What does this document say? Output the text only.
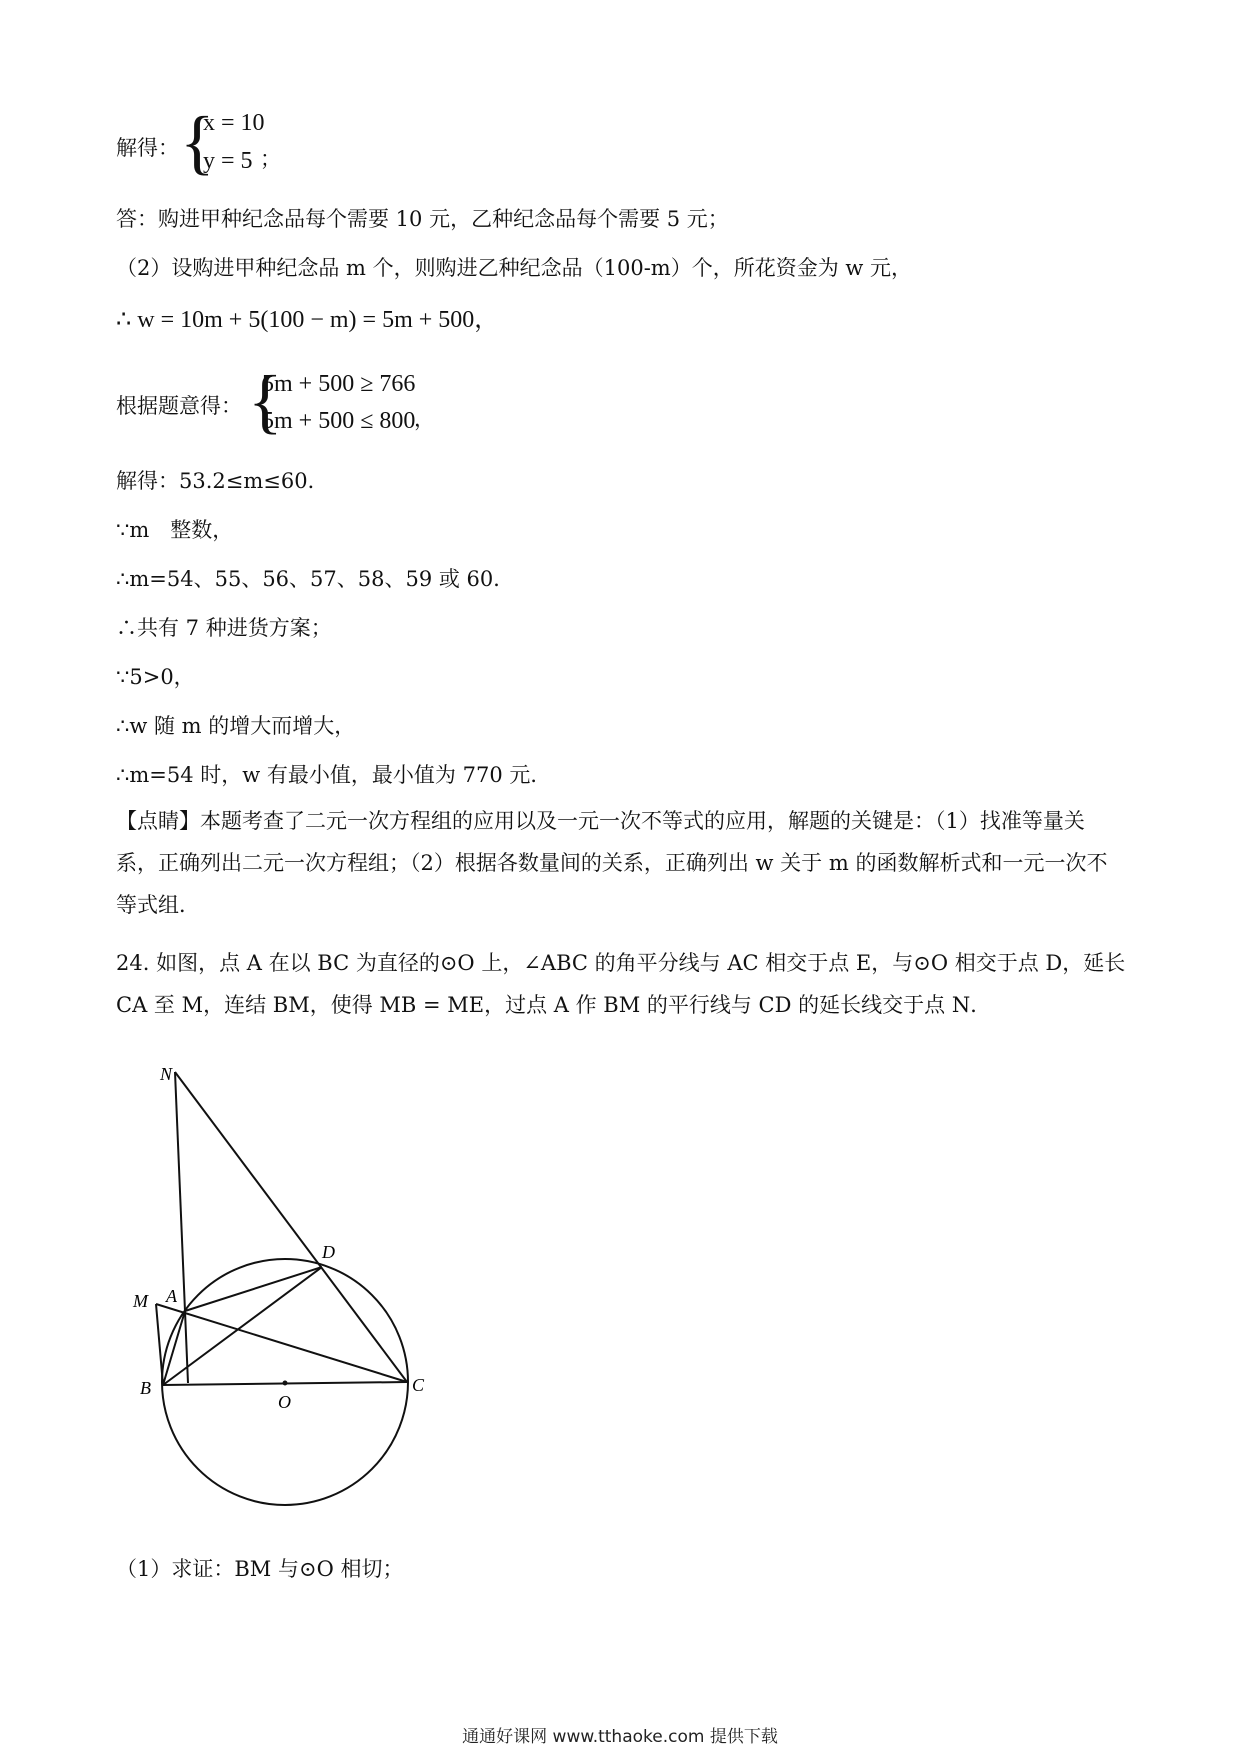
解得： {
x = 10
y = 5 ；
答：购进甲种纪念品每个需要 10 元，乙种纪念品每个需要 5 元；
（2）设购进甲种纪念品 m 个，则购进乙种纪念品（100-m）个，所花资金为 w 元，
∴ w = 10m + 5(100 − m) = 5m + 500，
根据题意得： {
5m + 500 ≥ 766
5m + 500 ≤ 800
，
解得：53.2≤m≤60．
∵m　整数，
∴m=54、55、56、57、58、59 或 60．
∴共有 7 种进货方案；
∵5>0，
∴w 随 m 的增大而增大，
∴m=54 时，w 有最小值，最小值为 770 元．
【点睛】本题考查了二元一次方程组的应用以及一元一次不等式的应用，解题的关键是：（1）找准等量关系，正确列出二元一次方程组；（2）根据各数量间的关系，正确列出 w 关于 m 的函数解析式和一元一次不等式组．
24. 如图，点 A 在以 BC 为直径的⊙O 上，∠ABC 的角平分线与 AC 相交于点 E，与⊙O 相交于点 D，延长 CA 至 M，连结 BM，使得 MB = ME，过点 A 作 BM 的平行线与 CD 的延长线交于点 N．
N
D
M A
B
O
C
（1）求证：BM 与⊙O 相切；
通通好课网 www.tthaoke.com 提供下载
